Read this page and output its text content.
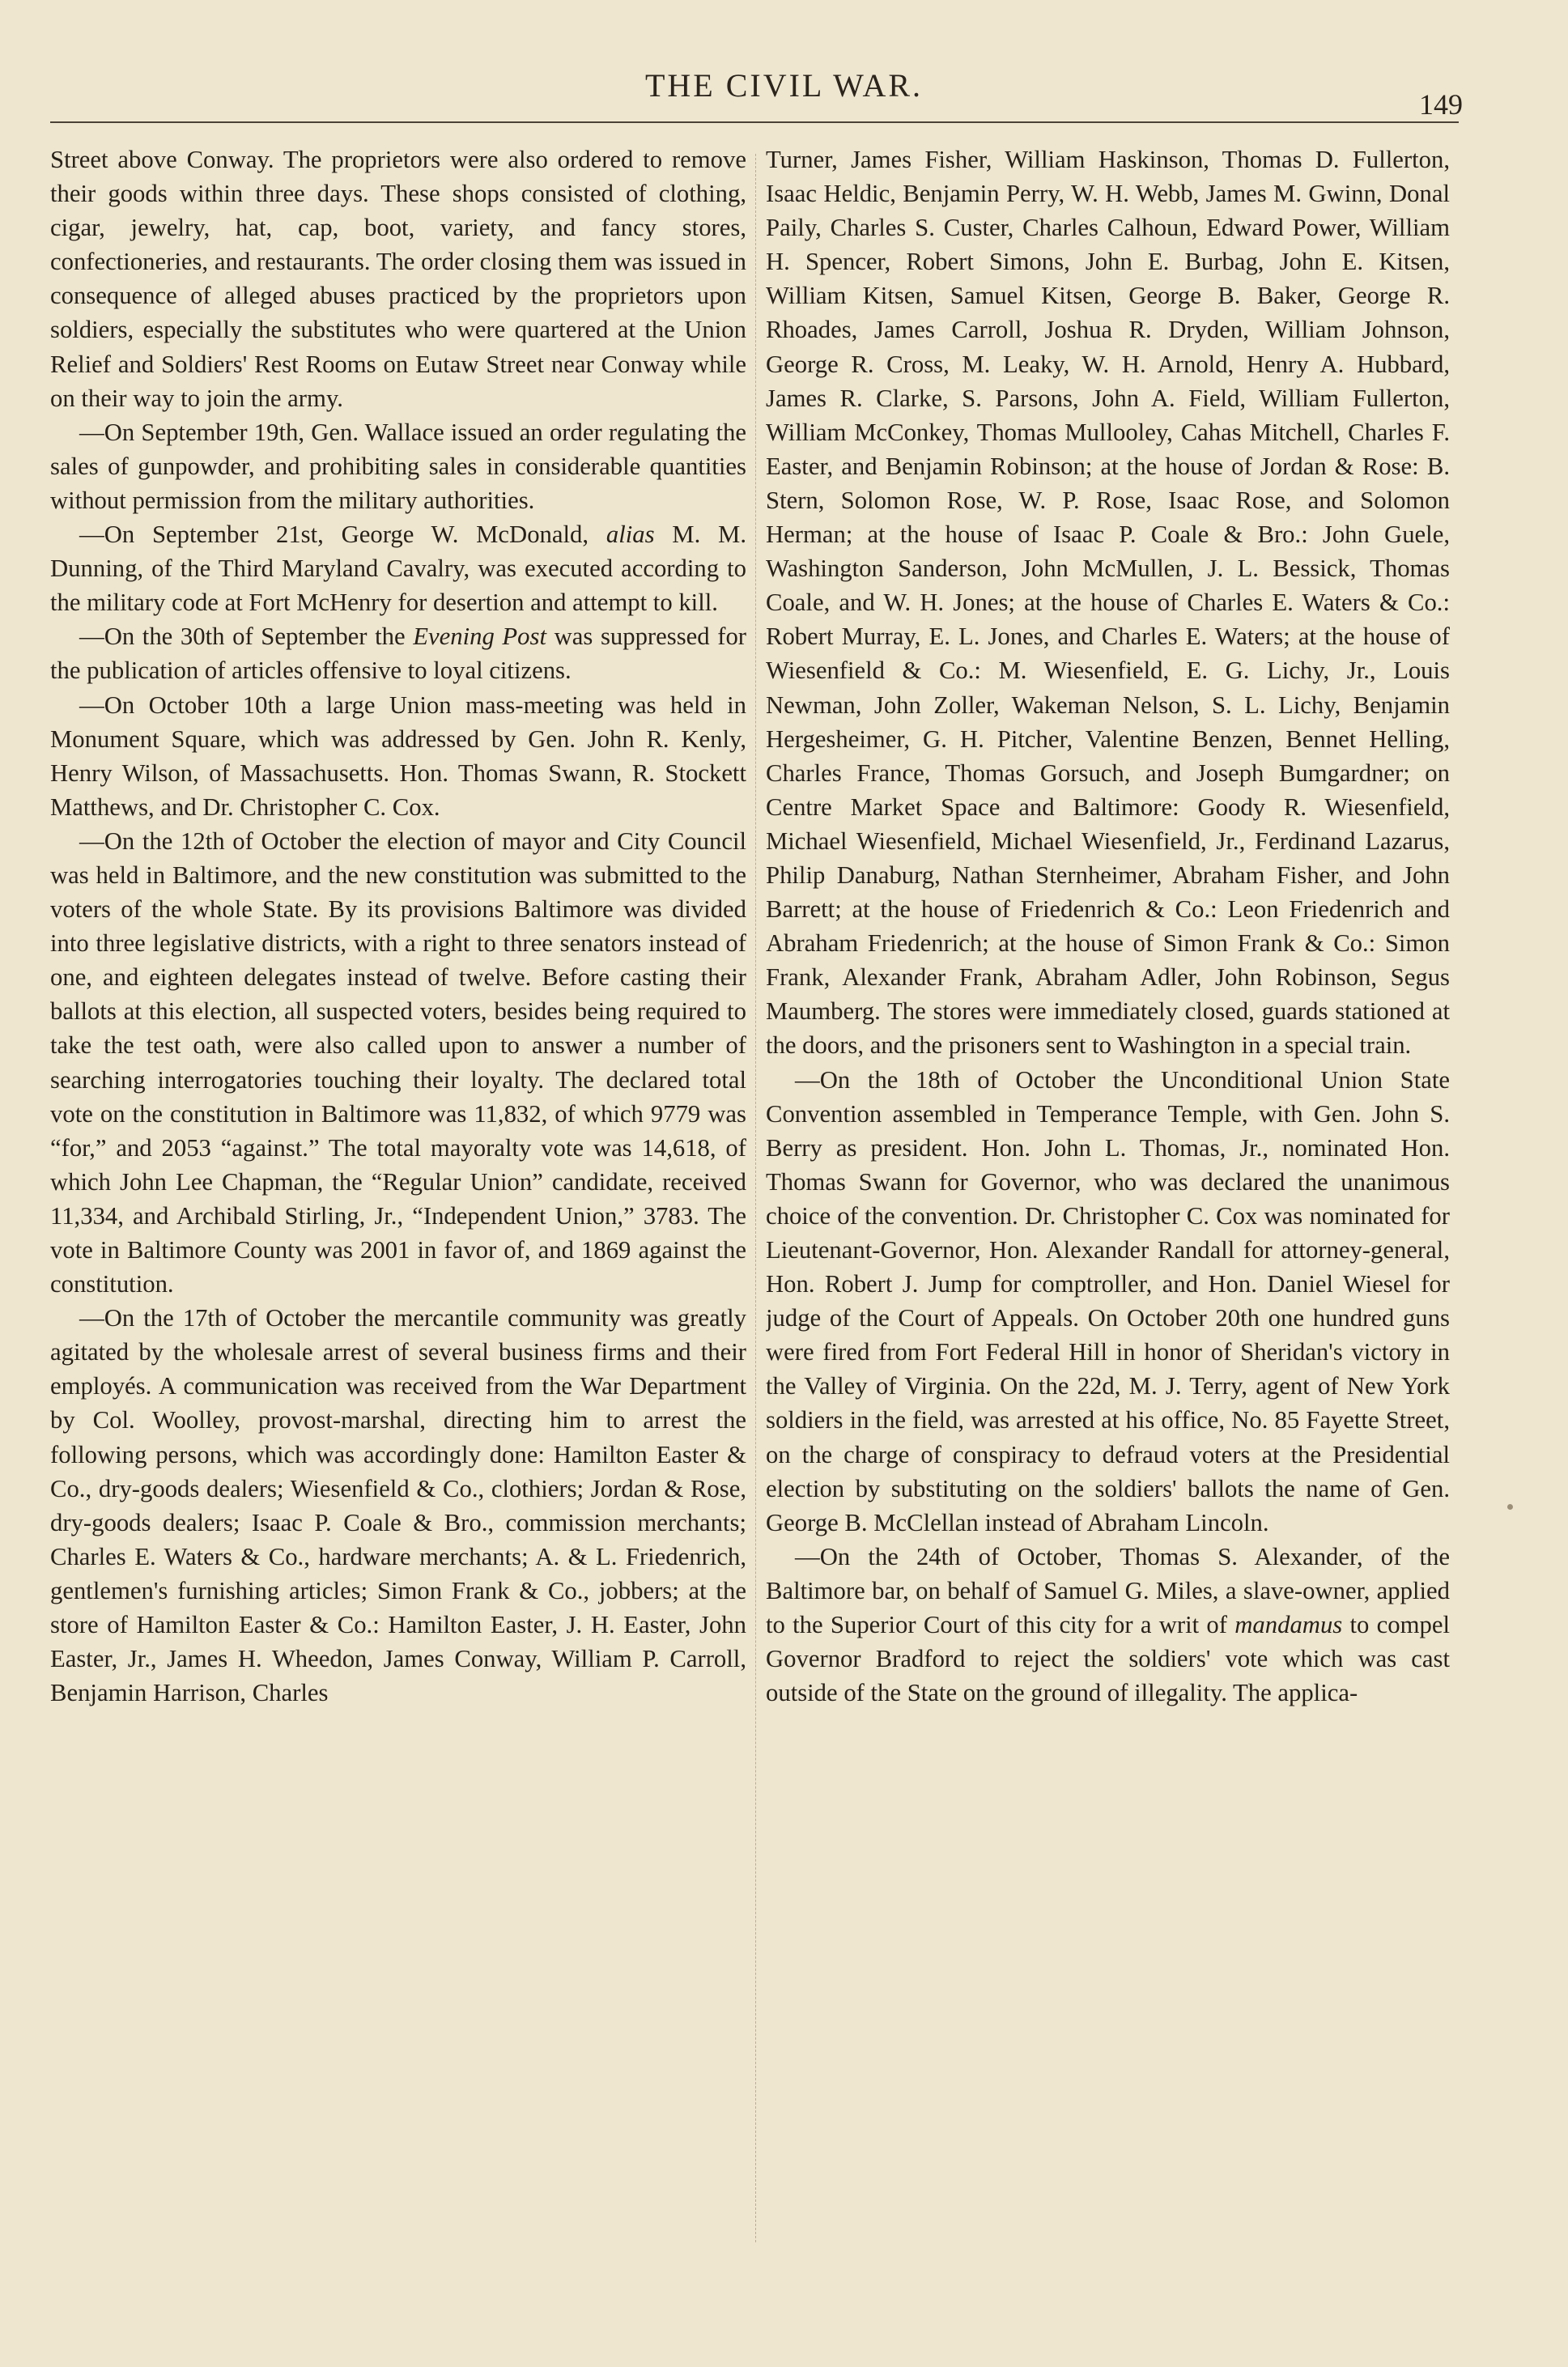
THE CIVIL WAR.
149

Street above Conway. The proprietors were also ordered to remove their goods within three days. These shops consisted of clothing, cigar, jewelry, hat, cap, boot, variety, and fancy stores, confectioneries, and restaurants. The order closing them was issued in consequence of alleged abuses practiced by the proprietors upon soldiers, especially the substitutes who were quartered at the Union Relief and Soldiers' Rest Rooms on Eutaw Street near Conway while on their way to join the army.

—On September 19th, Gen. Wallace issued an order regulating the sales of gunpowder, and prohibiting sales in considerable quantities without permission from the military authorities.

—On September 21st, George W. McDonald, alias M. M. Dunning, of the Third Maryland Cavalry, was executed according to the military code at Fort McHenry for desertion and attempt to kill.

—On the 30th of September the Evening Post was suppressed for the publication of articles offensive to loyal citizens.

—On October 10th a large Union mass-meeting was held in Monument Square, which was addressed by Gen. John R. Kenly, Henry Wilson, of Massachusetts. Hon. Thomas Swann, R. Stockett Matthews, and Dr. Christopher C. Cox.

—On the 12th of October the election of mayor and City Council was held in Baltimore, and the new constitution was submitted to the voters of the whole State. By its provisions Baltimore was divided into three legislative districts, with a right to three senators instead of one, and eighteen delegates instead of twelve. Before casting their ballots at this election, all suspected voters, besides being required to take the test oath, were also called upon to answer a number of searching interrogatories touching their loyalty. The declared total vote on the constitution in Baltimore was 11,832, of which 9779 was “for,” and 2053 “against.” The total mayoralty vote was 14,618, of which John Lee Chapman, the “Regular Union” candidate, received 11,334, and Archibald Stirling, Jr., “Independent Union,” 3783. The vote in Baltimore County was 2001 in favor of, and 1869 against the constitution.

—On the 17th of October the mercantile community was greatly agitated by the wholesale arrest of several business firms and their employés. A communication was received from the War Department by Col. Woolley, provost-marshal, directing him to arrest the following persons, which was accordingly done: Hamilton Easter & Co., dry-goods dealers; Wiesenfield & Co., clothiers; Jordan & Rose, dry-goods dealers; Isaac P. Coale & Bro., commission merchants; Charles E. Waters & Co., hardware merchants; A. & L. Friedenrich, gentlemen's furnishing articles; Simon Frank & Co., jobbers; at the store of Hamilton Easter & Co.: Hamilton Easter, J. H. Easter, John Easter, Jr., James H. Wheedon, James Conway, William P. Carroll, Benjamin Harrison, Charles

Turner, James Fisher, William Haskinson, Thomas D. Fullerton, Isaac Heldic, Benjamin Perry, W. H. Webb, James M. Gwinn, Donal Paily, Charles S. Custer, Charles Calhoun, Edward Power, William H. Spencer, Robert Simons, John E. Burbag, John E. Kitsen, William Kitsen, Samuel Kitsen, George B. Baker, George R. Rhoades, James Carroll, Joshua R. Dryden, William Johnson, George R. Cross, M. Leaky, W. H. Arnold, Henry A. Hubbard, James R. Clarke, S. Parsons, John A. Field, William Fullerton, William McConkey, Thomas Mullooley, Cahas Mitchell, Charles F. Easter, and Benjamin Robinson; at the house of Jordan & Rose: B. Stern, Solomon Rose, W. P. Rose, Isaac Rose, and Solomon Herman; at the house of Isaac P. Coale & Bro.: John Guele, Washington Sanderson, John McMullen, J. L. Bessick, Thomas Coale, and W. H. Jones; at the house of Charles E. Waters & Co.: Robert Murray, E. L. Jones, and Charles E. Waters; at the house of Wiesenfield & Co.: M. Wiesenfield, E. G. Lichy, Jr., Louis Newman, John Zoller, Wakeman Nelson, S. L. Lichy, Benjamin Hergesheimer, G. H. Pitcher, Valentine Benzen, Bennet Helling, Charles France, Thomas Gorsuch, and Joseph Bumgardner; on Centre Market Space and Baltimore: Goody R. Wiesenfield, Michael Wiesenfield, Michael Wiesenfield, Jr., Ferdinand Lazarus, Philip Danaburg, Nathan Sternheimer, Abraham Fisher, and John Barrett; at the house of Friedenrich & Co.: Leon Friedenrich and Abraham Friedenrich; at the house of Simon Frank & Co.: Simon Frank, Alexander Frank, Abraham Adler, John Robinson, Segus Maumberg. The stores were immediately closed, guards stationed at the doors, and the prisoners sent to Washington in a special train.

—On the 18th of October the Unconditional Union State Convention assembled in Temperance Temple, with Gen. John S. Berry as president. Hon. John L. Thomas, Jr., nominated Hon. Thomas Swann for Governor, who was declared the unanimous choice of the convention. Dr. Christopher C. Cox was nominated for Lieutenant-Governor, Hon. Alexander Randall for attorney-general, Hon. Robert J. Jump for comptroller, and Hon. Daniel Wiesel for judge of the Court of Appeals. On October 20th one hundred guns were fired from Fort Federal Hill in honor of Sheridan's victory in the Valley of Virginia. On the 22d, M. J. Terry, agent of New York soldiers in the field, was arrested at his office, No. 85 Fayette Street, on the charge of conspiracy to defraud voters at the Presidential election by substituting on the soldiers' ballots the name of Gen. George B. McClellan instead of Abraham Lincoln.

—On the 24th of October, Thomas S. Alexander, of the Baltimore bar, on behalf of Samuel G. Miles, a slave-owner, applied to the Superior Court of this city for a writ of mandamus to compel Governor Bradford to reject the soldiers' vote which was cast outside of the State on the ground of illegality. The applica-
